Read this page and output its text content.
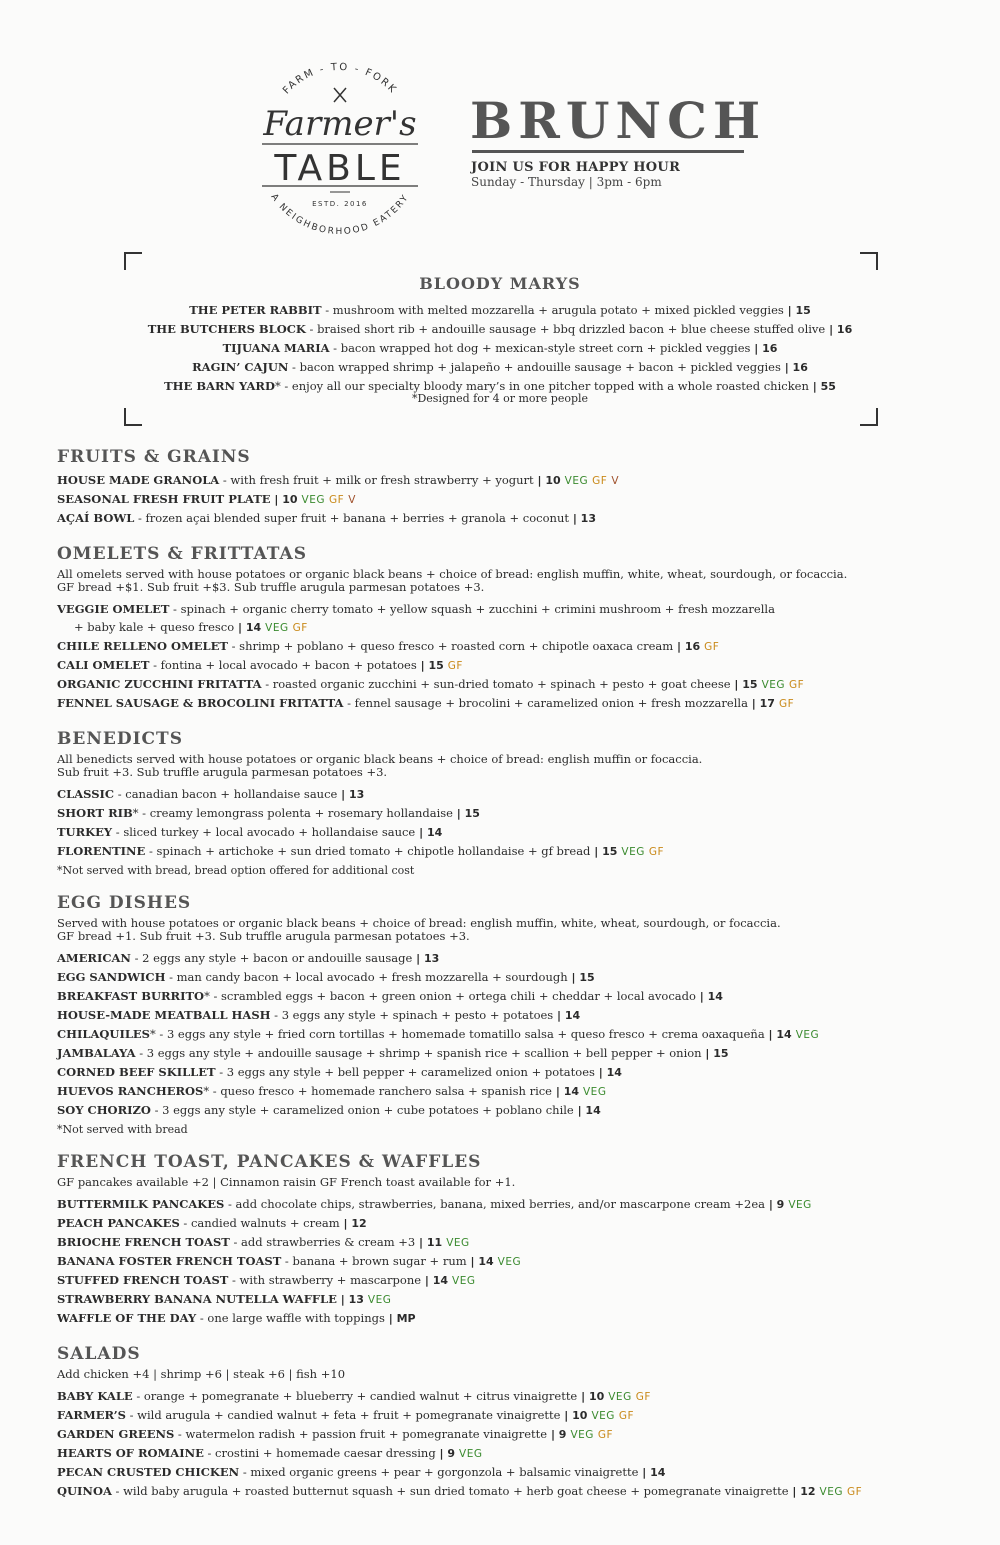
FARM - TO - FORK
A NEIGHBORHOOD EATERY
Farmer's
TABLE
ESTD. 2016
BRUNCH
JOIN US FOR HAPPY HOUR
Sunday - Thursday | 3pm - 6pm
BLOODY MARYS
THE PETER RABBIT - mushroom with melted mozzarella + arugula potato + mixed pickled veggies | 15
THE BUTCHERS BLOCK - braised short rib + andouille sausage + bbq drizzled bacon + blue cheese stuffed olive | 16
TIJUANA MARIA - bacon wrapped hot dog + mexican-style street corn + pickled veggies | 16
RAGIN’ CAJUN - bacon wrapped shrimp + jalapeño + andouille sausage + bacon + pickled veggies | 16
THE BARN YARD* - enjoy all our specialty bloody mary’s in one pitcher topped with a whole roasted chicken | 55
*Designed for 4 or more people
FRUITS & GRAINS
HOUSE MADE GRANOLA - with fresh fruit + milk or fresh strawberry + yogurt | 10 VEG GF V
SEASONAL FRESH FRUIT PLATE | 10 VEG GF V
AÇAÍ BOWL - frozen açai blended super fruit + banana + berries + granola + coconut | 13
OMELETS & FRITTATAS
All omelets served with house potatoes or organic black beans + choice of bread: english muffin, white, wheat, sourdough, or focaccia.
GF bread +$1. Sub fruit +$3. Sub truffle arugula parmesan potatoes +3.
VEGGIE OMELET - spinach + organic cherry tomato + yellow squash + zucchini + crimini mushroom + fresh mozzarella
+ baby kale + queso fresco | 14 VEG GF
CHILE RELLENO OMELET - shrimp + poblano + queso fresco + roasted corn + chipotle oaxaca cream | 16 GF
CALI OMELET - fontina + local avocado + bacon + potatoes | 15 GF
ORGANIC ZUCCHINI FRITATTA - roasted organic zucchini + sun-dried tomato + spinach + pesto + goat cheese | 15 VEG GF
FENNEL SAUSAGE & BROCOLINI FRITATTA - fennel sausage + brocolini + caramelized onion + fresh mozzarella | 17 GF
BENEDICTS
All benedicts served with house potatoes or organic black beans + choice of bread: english muffin or focaccia.
Sub fruit +3. Sub truffle arugula parmesan potatoes +3.
CLASSIC - canadian bacon + hollandaise sauce | 13
SHORT RIB* - creamy lemongrass polenta + rosemary hollandaise | 15
TURKEY - sliced turkey + local avocado + hollandaise sauce | 14
FLORENTINE - spinach + artichoke + sun dried tomato + chipotle hollandaise + gf bread | 15 VEG GF
*Not served with bread, bread option offered for additional cost
EGG DISHES
Served with house potatoes or organic black beans + choice of bread: english muffin, white, wheat, sourdough, or focaccia.
GF bread +1. Sub fruit +3. Sub truffle arugula parmesan potatoes +3.
AMERICAN - 2 eggs any style + bacon or andouille sausage | 13
EGG SANDWICH - man candy bacon + local avocado + fresh mozzarella + sourdough | 15
BREAKFAST BURRITO* - scrambled eggs + bacon + green onion + ortega chili + cheddar + local avocado | 14
HOUSE-MADE MEATBALL HASH - 3 eggs any style + spinach + pesto + potatoes | 14
CHILAQUILES* - 3 eggs any style + fried corn tortillas + homemade tomatillo salsa + queso fresco + crema oaxaqueña | 14 VEG
JAMBALAYA - 3 eggs any style + andouille sausage + shrimp + spanish rice + scallion + bell pepper + onion | 15
CORNED BEEF SKILLET - 3 eggs any style + bell pepper + caramelized onion + potatoes | 14
HUEVOS RANCHEROS* - queso fresco + homemade ranchero salsa + spanish rice | 14 VEG
SOY CHORIZO - 3 eggs any style + caramelized onion + cube potatoes + poblano chile | 14
*Not served with bread
FRENCH TOAST, PANCAKES & WAFFLES
GF pancakes available +2 | Cinnamon raisin GF French toast available for +1.
BUTTERMILK PANCAKES - add chocolate chips, strawberries, banana, mixed berries, and/or mascarpone cream +2ea | 9 VEG
PEACH PANCAKES - candied walnuts + cream | 12
BRIOCHE FRENCH TOAST - add strawberries & cream +3 | 11 VEG
BANANA FOSTER FRENCH TOAST - banana + brown sugar + rum | 14 VEG
STUFFED FRENCH TOAST - with strawberry + mascarpone | 14 VEG
STRAWBERRY BANANA NUTELLA WAFFLE | 13 VEG
WAFFLE OF THE DAY - one large waffle with toppings | MP
SALADS
Add chicken +4 | shrimp +6 | steak +6 | fish +10
BABY KALE - orange + pomegranate + blueberry + candied walnut + citrus vinaigrette | 10 VEG GF
FARMER’S - wild arugula + candied walnut + feta + fruit + pomegranate vinaigrette | 10 VEG GF
GARDEN GREENS - watermelon radish + passion fruit + pomegranate vinaigrette | 9 VEG GF
HEARTS OF ROMAINE - crostini + homemade caesar dressing | 9 VEG
PECAN CRUSTED CHICKEN - mixed organic greens + pear + gorgonzola + balsamic vinaigrette | 14
QUINOA - wild baby arugula + roasted butternut squash + sun dried tomato + herb goat cheese + pomegranate vinaigrette | 12 VEG GF
